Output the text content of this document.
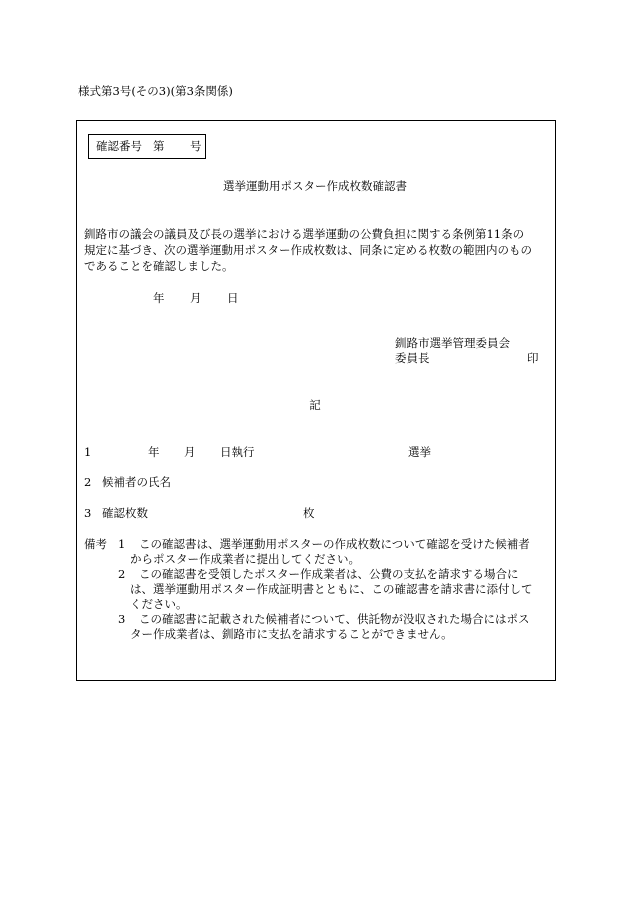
様式第3号(その3)(第3条関係)
確認番号 第 号
選挙運動用ポスター作成枚数確認書
釧路市の議会の議員及び長の選挙における選挙運動の公費負担に関する条例第11条の
規定に基づき、次の選挙運動用ポスター作成枚数は、同条に定める枚数の範囲内のもの
であることを確認しました。
年 月 日
釧路市選挙管理委員会
委員長	印
記
1	年 月 日執行	選挙
2 候補者の氏名
3 確認枚数	枚
備考 1 この確認書は、選挙運動用ポスターの作成枚数について確認を受けた候補者
からポスター作成業者に提出してください。
2 この確認書を受領したポスター作成業者は、公費の支払を請求する場合に
は、選挙運動用ポスター作成証明書とともに、この確認書を請求書に添付して
ください。
3 この確認書に記載された候補者について、供託物が没収された場合にはポス
ター作成業者は、釧路市に支払を請求することができません。
